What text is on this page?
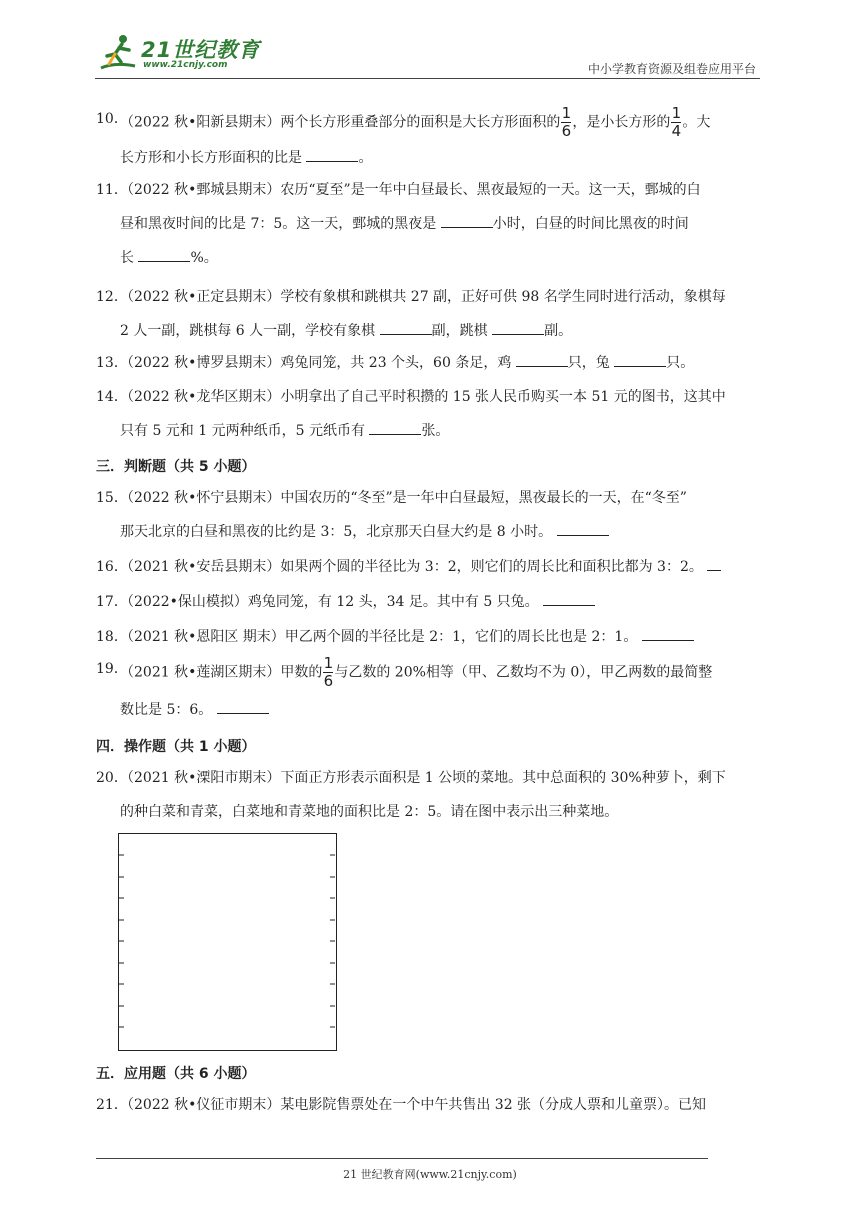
21世纪教育
www.21cnjy.com	中小学教育资源及组卷应用平台
10．
（2022 秋•阳新县期末）两个长方形重叠部分的面积是大长方形面积的 $\frac{1}{6}$ ，是小长方形的 $\frac{1}{4}$ 。大
长方形和小长方形面积的比是	。
11．
（2022 秋•鄄城县期末）农历“夏至”是一年中白昼最长、黑夜最短的一天。这一天，鄄城的白
昼和黑夜时间的比是 7：5。这一天，鄄城的黑夜是	小时，白昼的时间比黑夜的时间
长	%。
12．
（2022 秋•正定县期末）学校有象棋和跳棋共 27 副，正好可供 98 名学生同时进行活动，象棋每
2 人一副，跳棋每 6 人一副，学校有象棋	副，跳棋	副。
13．
（2022 秋•博罗县期末）鸡兔同笼，共 23 个头，60 条足，鸡	只，兔	只。
14．
（2022 秋•龙华区期末）小明拿出了自己平时积攒的 15 张人民币购买一本 51 元的图书，这其中
只有 5 元和 1 元两种纸币，5 元纸币有	张。
三．判断题（共 5 小题）
15．
（2022 秋•怀宁县期末）中国农历的“冬至”是一年中白昼最短，黑夜最长的一天，在“冬至”
那天北京的白昼和黑夜的比约是 3：5，北京那天白昼大约是 8 小时。
16．
（2021 秋•安岳县期末）如果两个圆的半径比为 3：2，则它们的周长比和面积比都为 3：2。
17．
（2022•保山模拟）鸡兔同笼，有 12 头，34 足。其中有 5 只兔。
18．
（2021 秋•恩阳区 期末）甲乙两个圆的半径比是 2：1，它们的周长比也是 2：1。
19．
（2021 秋•莲湖区期末）甲数的 $\frac{1}{6}$ 与乙数的 20%相等（甲、乙数均不为 0），甲乙两数的最简整
数比是 5：6。
四．操作题（共 1 小题）
20．
（2021 秋•溧阳市期末）下面正方形表示面积是 1 公顷的菜地。其中总面积的 30%种萝卜，剩下
的种白菜和青菜，白菜地和青菜地的面积比是 2：5。请在图中表示出三种菜地。
五．应用题（共 6 小题）
21．
（2022 秋•仪征市期末）某电影院售票处在一个中午共售出 32 张（分成人票和儿童票）。已知
21 世纪教育网(www.21cnjy.com)
